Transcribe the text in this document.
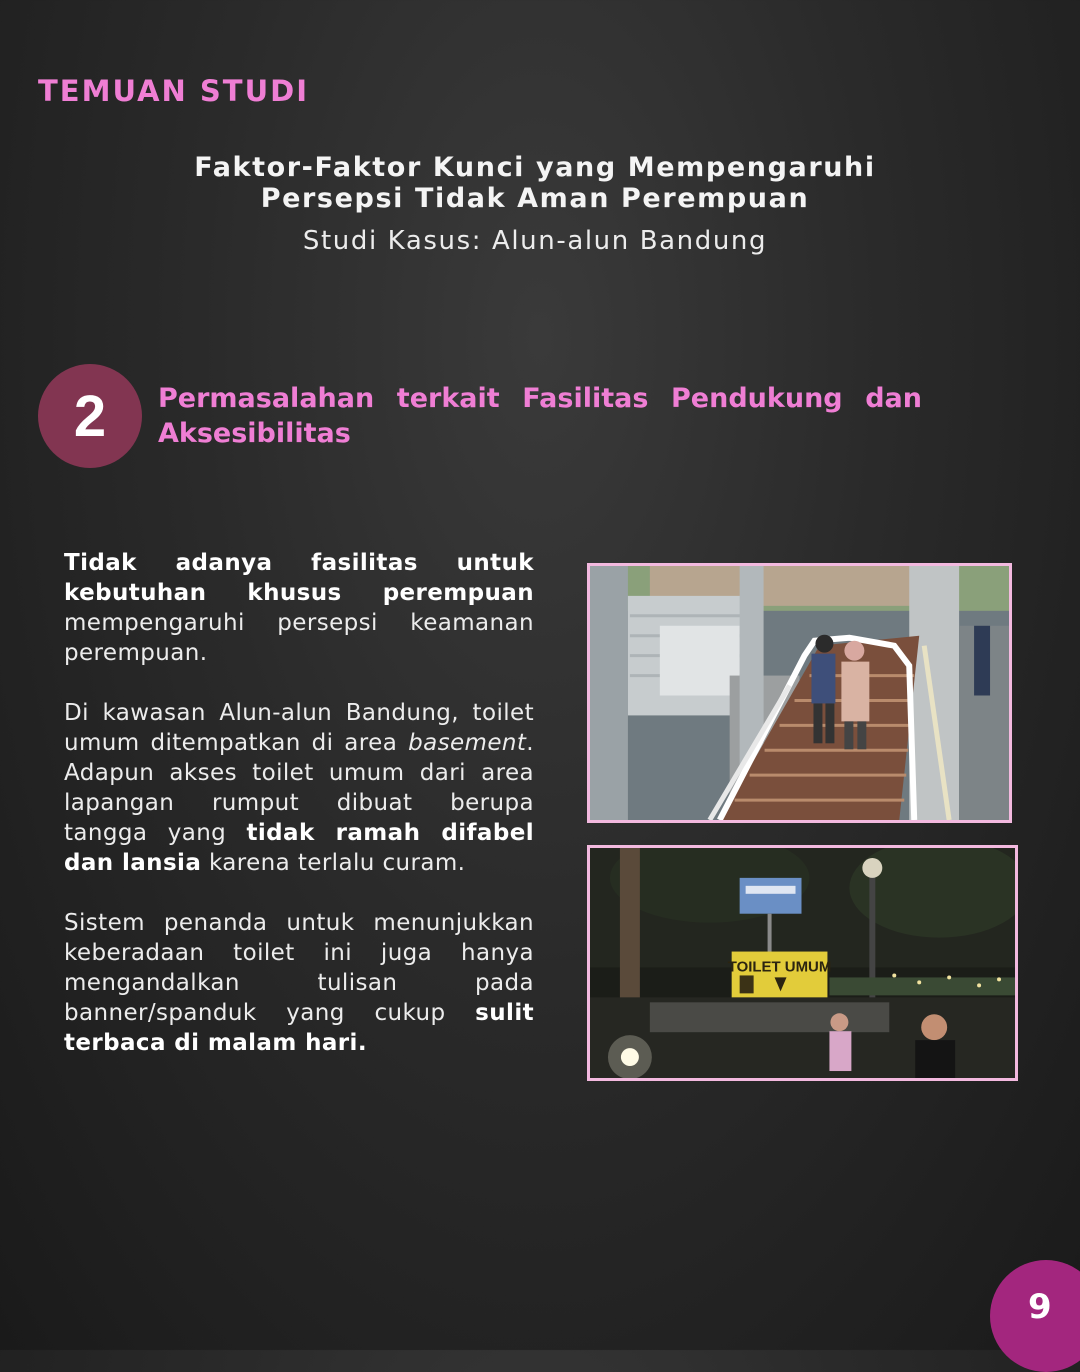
TEMUAN STUDI
Faktor-Faktor Kunci yang Mempengaruhi
Persepsi Tidak Aman Perempuan
Studi Kasus: Alun-alun Bandung
2	Permasalahan terkait Fasilitas Pendukung dan Aksesibilitas

Tidak adanya fasilitas untuk kebutuhan khusus perempuan mempengaruhi persepsi keamanan perempuan.

Di kawasan Alun-alun Bandung, toilet umum ditempatkan di area basement. Adapun akses toilet umum dari area lapangan rumput dibuat berupa tangga yang tidak ramah difabel dan lansia karena terlalu curam.

Sistem penanda untuk menunjukkan keberadaan toilet ini juga hanya mengandalkan tulisan pada banner/spanduk yang cukup sulit terbaca di malam hari.

TOILET UMUM
9
